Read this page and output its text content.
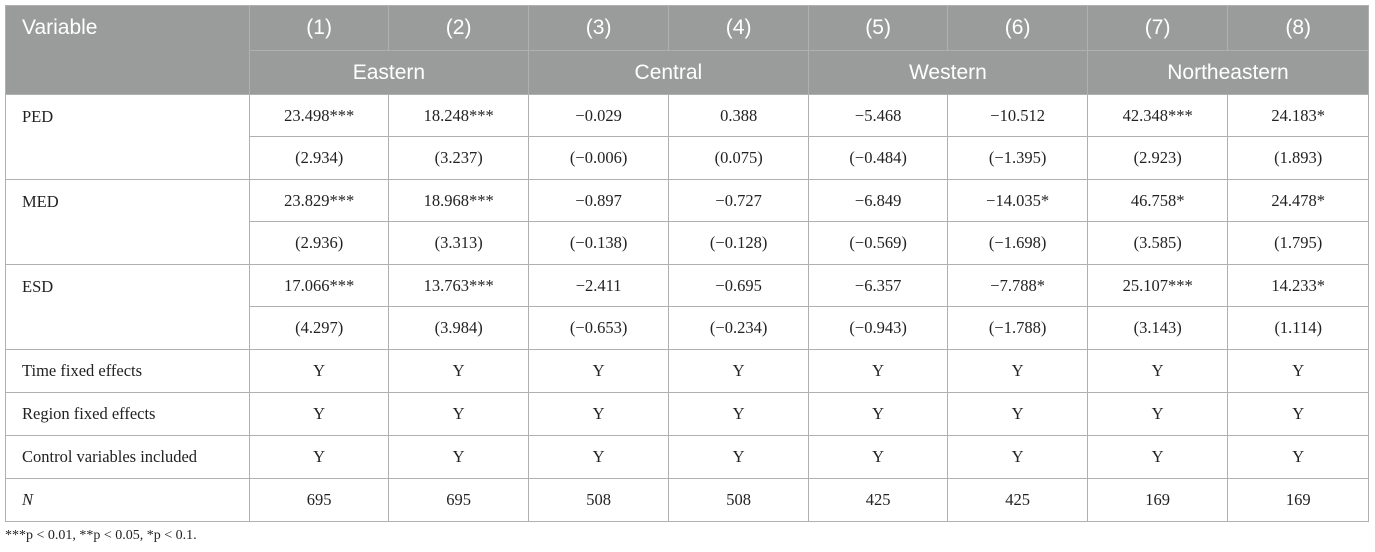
Variable	(1)	(2)	(3)	(4)	(5)	(6)	(7)	(8)
	Eastern		Central		Western		Northeastern	
PED	23.498***	18.248***	−0.029	0.388	−5.468	−10.512	42.348***	24.183*
	(2.934)	(3.237)	(−0.006)	(0.075)	(−0.484)	(−1.395)	(2.923)	(1.893)
MED	23.829***	18.968***	−0.897	−0.727	−6.849	−14.035*	46.758*	24.478*
	(2.936)	(3.313)	(−0.138)	(−0.128)	(−0.569)	(−1.698)	(3.585)	(1.795)
ESD	17.066***	13.763***	−2.411	−0.695	−6.357	−7.788*	25.107***	14.233*
	(4.297)	(3.984)	(−0.653)	(−0.234)	(−0.943)	(−1.788)	(3.143)	(1.114)
Time fixed effects	Y	Y	Y	Y	Y	Y	Y	Y
Region fixed effects	Y	Y	Y	Y	Y	Y	Y	Y
Control variables included	Y	Y	Y	Y	Y	Y	Y	Y
N	695	695	508	508	425	425	169	169
***p < 0.01, **p < 0.05, *p < 0.1.
